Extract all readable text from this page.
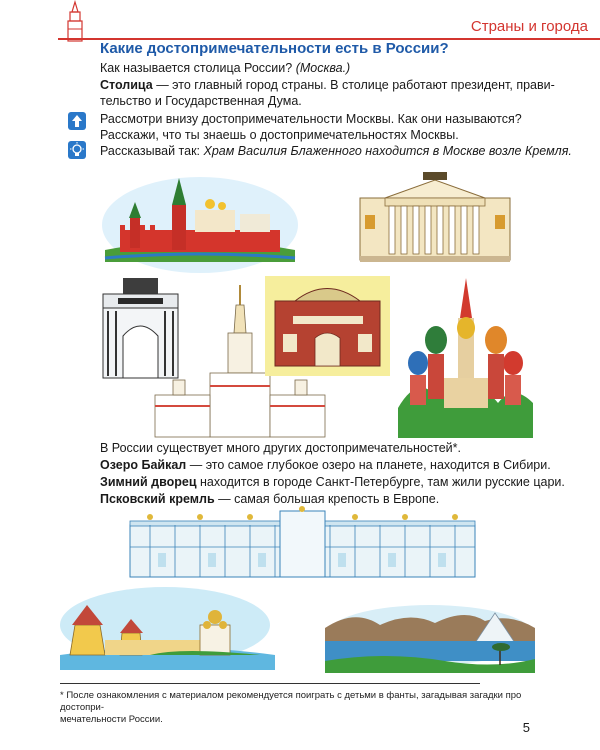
Страны и города
Какие достопримечательности есть в России?
Как называется столица России? (Москва.)
Столица — это главный город страны. В столице работают президент, прави-
тельство и Государственная Дума.
Рассмотри внизу достопримечательности Москвы. Как они называются?
Расскажи, что ты знаешь о достопримечательностях Москвы.
Рассказывай так: Храм Василия Блаженного находится в Москве возле Кремля.
В России существует много других достопримечательностей*.
Озеро Байкал — это самое глубокое озеро на планете, находится в Сибири.
Зимний дворец находится в городе Санкт-Петербурге, там жили русские цари.
Псковский кремль — самая большая крепость в Европе.
* После ознакомления с материалом рекомендуется поиграть с детьми в фанты, загадывая загадки про достопри-
мечательности России.
5
